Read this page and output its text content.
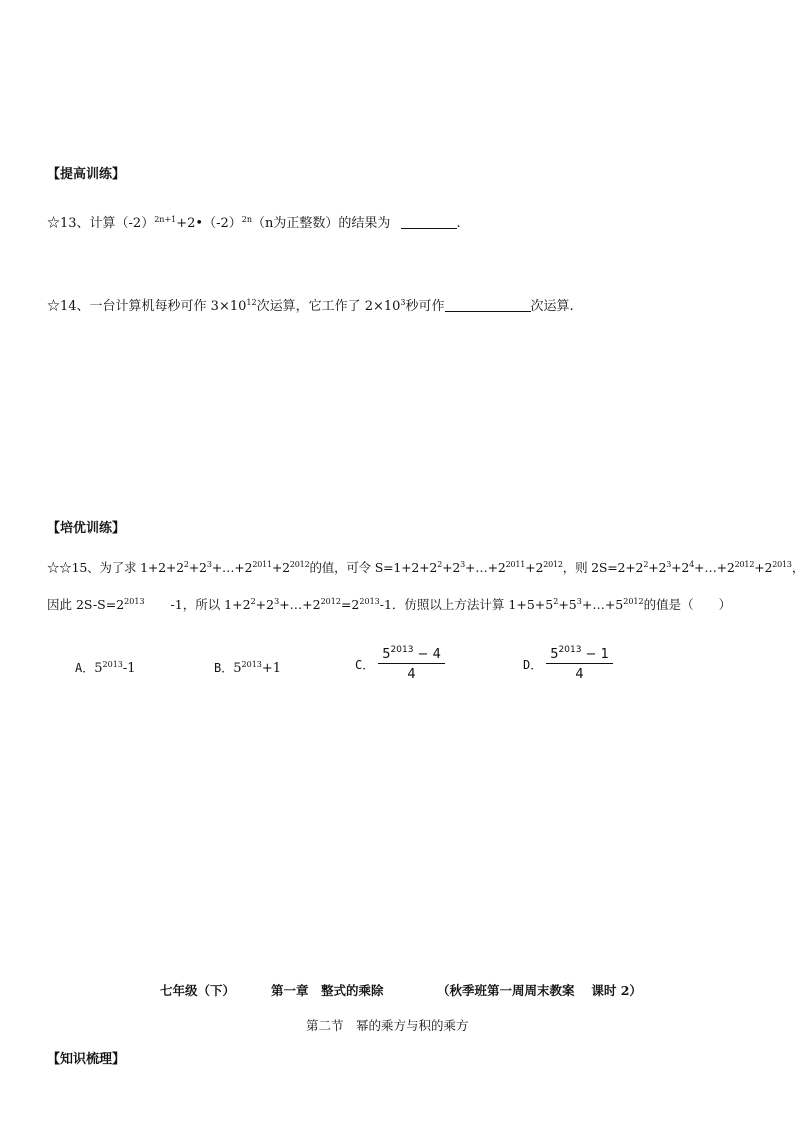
【提高训练】
☆13、计算$(-2)^{2n+1}+2•(-2)^{2n}(n$为正整数）的结果为	.
☆14、一台计算机每秒可作 $3\times 10^{12}$次运算，它工作了 $2\times 10^3$秒可作	次运算.
【培优训练】
☆☆15、为了求 $1+2+2^2+2^3+\dots+2^{2011}+2^{2012}$的值，可令 $S=1+2+2^2+2^3+\dots+2^{2011}+2^{2012}$，则 $2S=2+2^2+2^3+2^4+\dots+2^{2012}+2^{2013}$，
因此 $2S-S=2^{2013}$ -1，所以 $1+2^2+2^3+\dots+2^{2012}=2^{2013}-1$．仿照以上方法计算 $1+5+5^2+5^3+\dots+5^{2012}$的值是（　　）
A．$5^{2013}-1$	B．$5^{2013}+1$	C． $\frac{5^{2013} - 4}{4}$	D． $\frac{5^{2013} - 1}{4}$
七年级（下）	第一章　整式的乘除	（秋季班第一周周末教案　 课时 2）
第二节　幂的乘方与积的乘方
【知识梳理】
